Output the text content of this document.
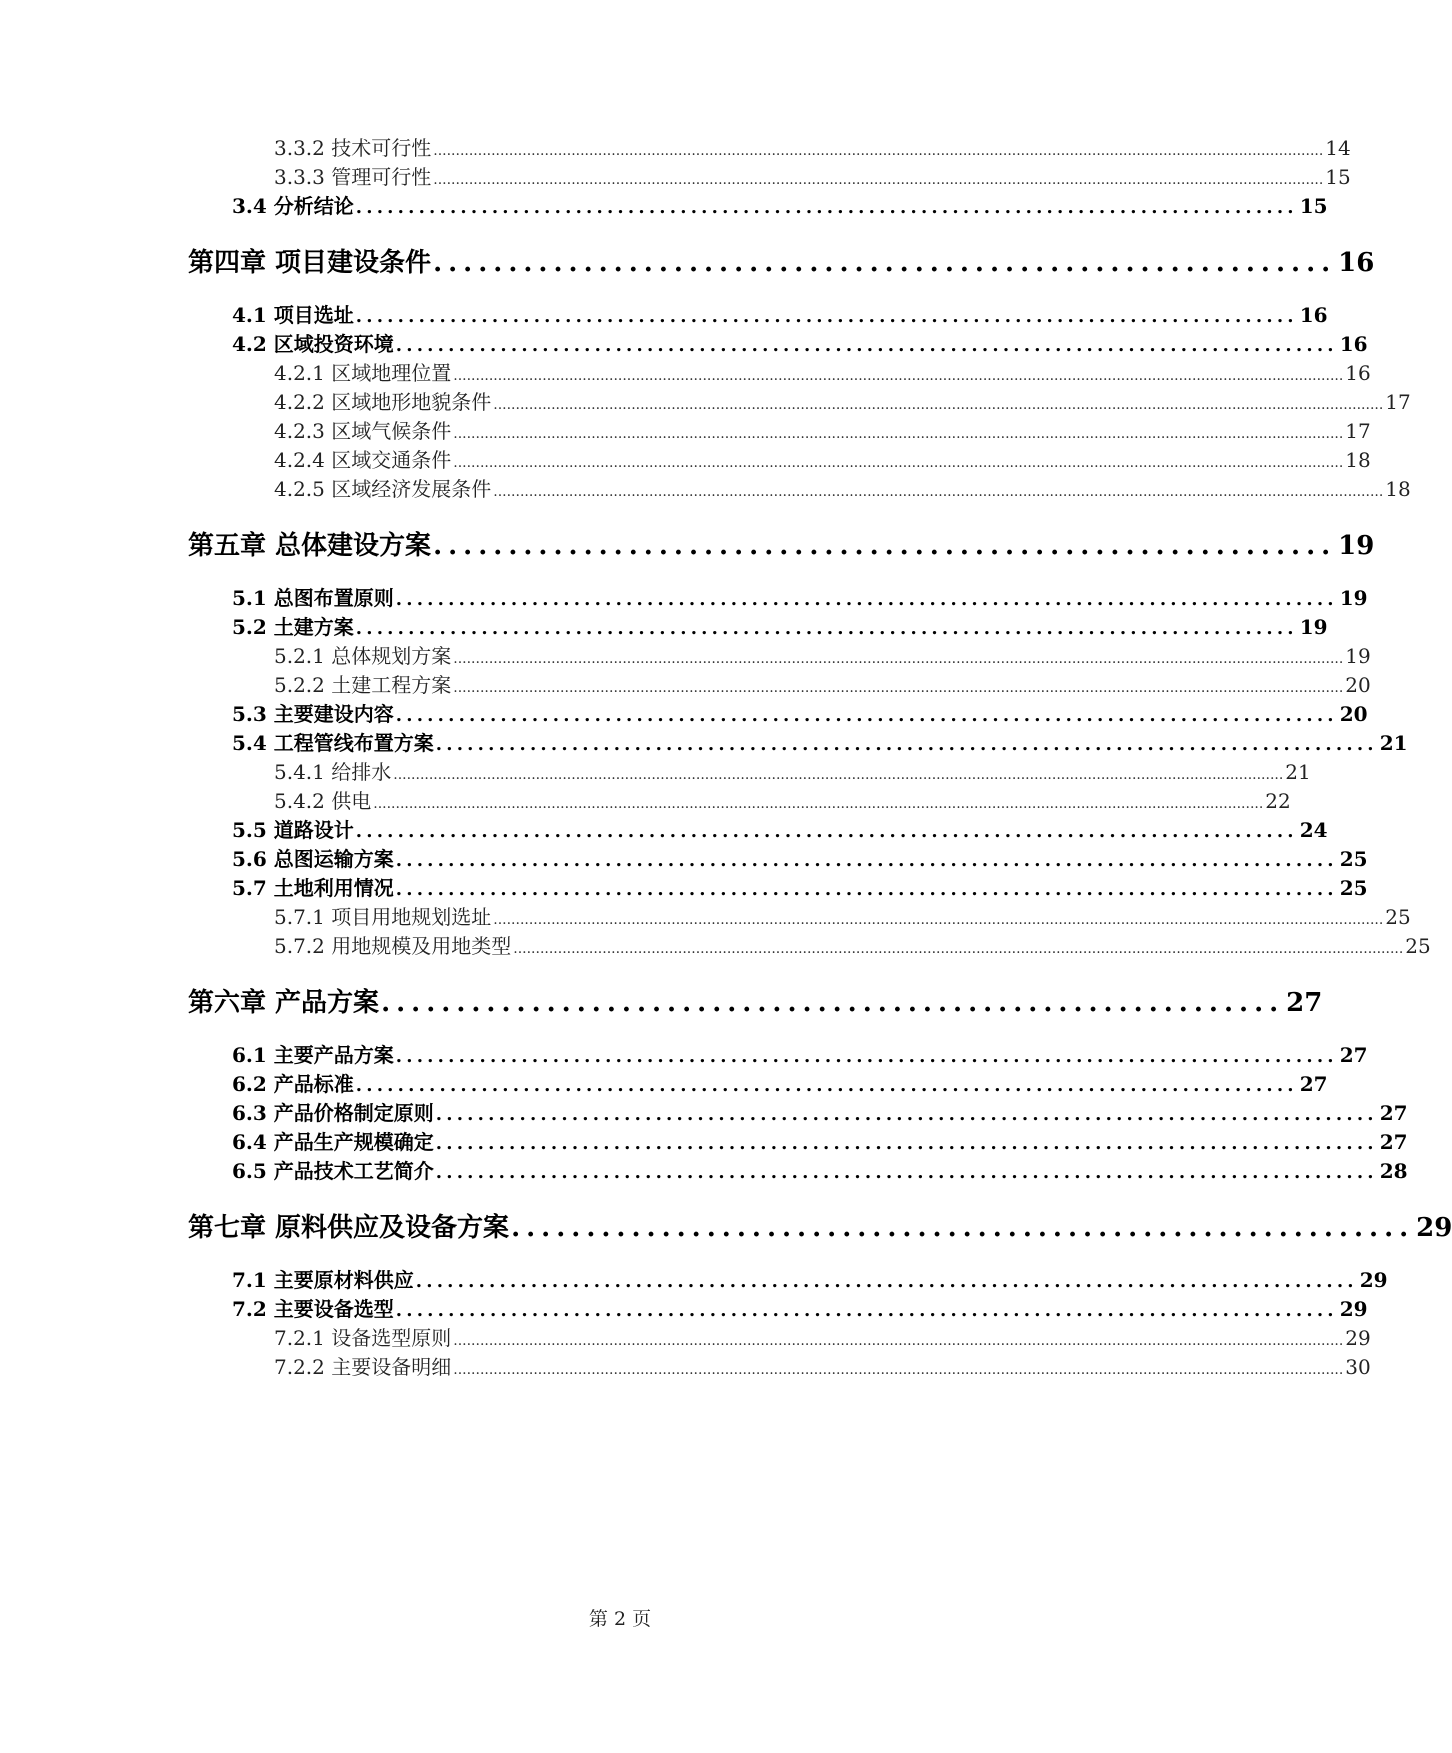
3.3.2 技术可行性 ........................................................................................................................................................................................................ 14
3.3.3 管理可行性 ........................................................................................................................................................................................................ 15
3.4 分析结论 .......................................................................................... 15
第四章 项目建设条件 ............................................................ 16
4.1 项目选址 .......................................................................................... 16
4.2 区域投资环境 .......................................................................................... 16
4.2.1 区域地理位置 ........................................................................................................................................................................................................ 16
4.2.2 区域地形地貌条件 ........................................................................................................................................................................................................ 17
4.2.3 区域气候条件 ........................................................................................................................................................................................................ 17
4.2.4 区域交通条件 ........................................................................................................................................................................................................ 18
4.2.5 区域经济发展条件 ........................................................................................................................................................................................................ 18
第五章 总体建设方案 ............................................................ 19
5.1 总图布置原则 .......................................................................................... 19
5.2 土建方案 .......................................................................................... 19
5.2.1 总体规划方案 ........................................................................................................................................................................................................ 19
5.2.2 土建工程方案 ........................................................................................................................................................................................................ 20
5.3 主要建设内容 .......................................................................................... 20
5.4 工程管线布置方案 .......................................................................................... 21
5.4.1 给排水 ........................................................................................................................................................................................................ 21
5.4.2 供电 ........................................................................................................................................................................................................ 22
5.5 道路设计 .......................................................................................... 24
5.6 总图运输方案 .......................................................................................... 25
5.7 土地利用情况 .......................................................................................... 25
5.7.1 项目用地规划选址 ........................................................................................................................................................................................................ 25
5.7.2 用地规模及用地类型 ........................................................................................................................................................................................................ 25
第六章 产品方案 ............................................................ 27
6.1 主要产品方案 .......................................................................................... 27
6.2 产品标准 .......................................................................................... 27
6.3 产品价格制定原则 .......................................................................................... 27
6.4 产品生产规模确定 .......................................................................................... 27
6.5 产品技术工艺简介 .......................................................................................... 28
第七章 原料供应及设备方案 ............................................................ 29
7.1 主要原材料供应 .......................................................................................... 29
7.2 主要设备选型 .......................................................................................... 29
7.2.1 设备选型原则 ........................................................................................................................................................................................................ 29
7.2.2 主要设备明细 ........................................................................................................................................................................................................ 30
第 2 页
